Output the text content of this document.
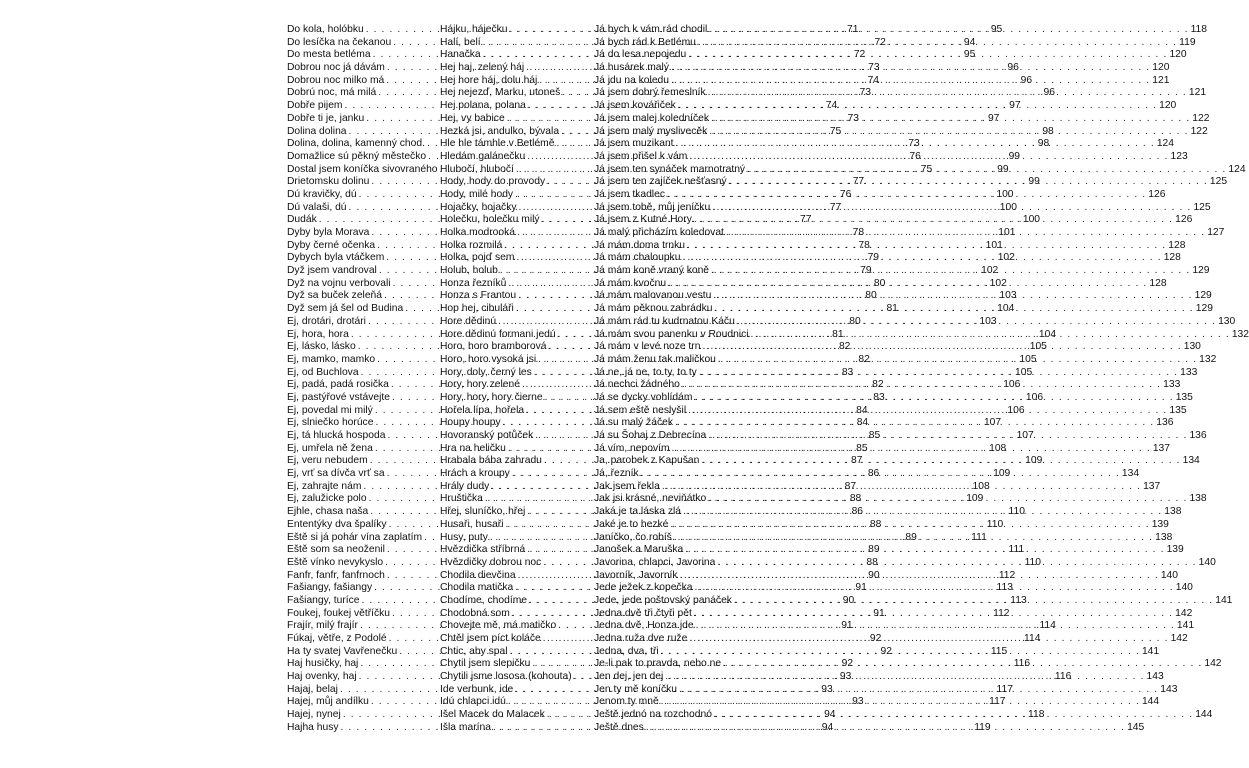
Do kola, holóbku . . .	71
Do lesíčka na čekanou . . .	72
Do mesta betléma . . .	72
Dobrou noc já dávám . . .	73
Dobrou noc milko má . . .	74
Dobrú noc, má milá . . .	73
Dobře pijem . . .	74
Dobře ti je, janku . . .	73
Dolina dolina . . .	75
Dolina, dolina, kamenný chod. . . .	73
Domažlice sú pěkný městečko . . .	76
Dostal jsem koníčka sivovraného . . .	75
Drietomsku dolinu . . .	77
Dú kravičky, dú . . .	76
Dú valaši, dú . . .	77
Dudák . . .	77
Dyby byla Morava . . .	78
Dyby černé očenka . . .	78
Dybych byla vtáčkem . . .	79
Dyž jsem vandroval . . .	79
Dyž na vojnu verbovali . . .	80
Dyž sa buček zeleňá . . .	80
Dyž sem já šel od Budina . . .	81
Ej, drotári, drotári . . .	80
Ej, hora, hora . . .	81
Ej, lásko, lásko . . .	82
Ej, mamko, mamko . . .	82
Ej, od Buchlova . . .	83
Ej, padá, padá rosička . . .	82
Ej, pastýřové vstávejte . . .	83
Ej, povedal mi milý . . .	84
Ej, slniečko horúce . . .	84
Ej, tá hlucká hospoda . . .	85
Ej, umřela ně žena . . .	85
Ej, veru nebudem . . .	87
Ej, vrť sa dívča vrť sa . . .	86
Ej, zahrajte nám . . .	87
Ej, zalužicke polo . . .	88
Ejhle, chasa naša . . .	86
Ententýky dva špalíky . . .	88
Eště si já pohár vína zaplatím . . .	89
Eště som sa neoženil . . .	89
Eště vínko nevykyslo . . .	88
Fanfr, fanfr, fanfrnoch . . .	90
Fašiangy, fašiangy . . .	91
Fašiangy, turíce . . .	90
Foukej, foukej větříčku . . .	91
Frajír, milý frajír . . .	91
Fúkaj, větře, z Podolé . . .	92
Ha ty svatej Vavřenečku . . .	92
Haj husičky, haj . . .	92
Haj ovenky, haj . . .	93
Hajaj, belaj . . .	93
Hajej, můj andílku . . .	93
Hajej, nynej . . .	94
Hajha husy . . .	94
Hájku, háječku . . .	95
Halí, belí . . .	94
Hanačka . . .	95
Hej haj, zelený háj . . .	96
Hej hore háj, dolu háj . . .	96
Hej nejezď, Marku, utoneš . . .	96
Hej polana, polana . . .	97
Hej, vy babice . . .	97
Hezká jsi, andulko, bývala . . .	98
Hle hle támhle v Betlémě . . .	98
Hledám galánečku . . .	99
Hlubočí, hlubočí . . .	99
Hody, hody do provody . . .	99
Hody, milé hody . . .	100
Hojačky, hojačky . . .	100
Holečku, holečku milý . . .	100
Holka modrooká . . .	101
Holka rozmilá . . .	101
Holka, pojď sem . . .	102
Holub, holub . . .	102
Honza řezníků . . .	102
Honza s Frantou . . .	103
Hop hej, cibuláři . . .	104
Hore dědinú . . .	103
Hore dědinú formani jedú . . .	104
Horo, horo bramborová . . .	105
Horo, horo vysoká jsi . . .	105
Hory, doly, černý les . . .	105
Hory, hory zelené . . .	106
Hory, hory, hory čierne . . .	106
Hořela lípa, hořela . . .	106
Houpy houpy . . .	107
Hovoranský potůček . . .	107
Hra na heličku . . .	108
Hrabala bába zahradu . . .	109
Hrách a kroupy . . .	109
Hrály dudy . . .	108
Hruštička . . .	109
Hřej, sluníčko, hřej . . .	110
Husaři, husaři . . .	110
Husy, puty . . .	111
Hvězdička stříbrná . . .	111
Hvězdičky dobrou noc . . .	110
Chodila dievčina . . .	112
Chodila matička . . .	113
Chodíme, chodíme . . .	113
Chodobná som . . .	112
Chovejte mě, má matičko . . .	114
Chtěl jsem píct koláče . . .	114
Chtic, aby spal . . .	115
Chytil jsem slepičku . . .	116
Chytili jsme lososa (kohouta) . . .	116
Ide verbunk, ide . . .	117
Idú chlapci idú . . .	117
Išel Macek do Malacek . . .	118
Išla marína . . .	119
Já bych k vám rád chodil . . .	118
Já bych rád k Betlému . . .	119
Já do lesa nepojedu . . .	120
Já husárek malý . . .	120
Já jdu na koledu . . .	121
Já jsem dobrý řemeslník . . .	121
Já jsem kovářiček . . .	120
Já jsem malej koledníček . . .	122
Já jsem malý myslivecěk . . .	122
Já jsem muzikant . . .	124
Já jsem přišel k vám . . .	123
Já jsem ten synáček marnotratný . . .	124
Já jsem ten zajíček nešťasný . . .	125
Já jsem tkadlec . . .	126
Já jsem tobě, můj jeníčku . . .	125
Já jsem z Kutné Hory . . .	126
Já malý přicházím koledovat . . .	127
Já mám doma trnku . . .	128
Já mám chaloupku . . .	128
Já mám koně vraný koně . . .	129
Já mám kvočnu . . .	128
Já mám malovanou vestu . . .	129
Já mám pěknou zahrádku . . .	129
Já mám rád tu kudrnatou Káču . . .	130
Já mám svou panenku v Roudnici . . .	132
Já mám v levé noze trn . . .	130
Já mám ženu tak maličkou . . .	132
Já ne, já ne, to ty, to ty . . .	133
Já nechci žádného . . .	133
Já se dycky vohlídám . . .	135
Já sem eště neslyšil . . .	135
Já su malý žáček . . .	136
Já su Šohaj z Debrecína . . .	136
Já vím, nepovím . . .	137
Ja, parobek z Kapušan . . .	134
Já, řezník . . .	134
Jak jsem řekla . . .	137
Jak jsi krásné, neviňátko . . .	138
Jaká je ta láska zlá . . .	138
Jaké je to hezké . . .	139
Janíčko, čo robíš . . .	138
Janošek a Maruška . . .	139
Javorina, chlapci, Javorina . . .	140
Javorník, Javorník . . .	140
Jede ježek z kopečka . . .	140
Jede, jede poštovský panáček . . .	141
Jedna dvě tři čtyři pět . . .	142
Jedna dvě, Honza jde . . .	141
Jedna ruža dve ruže . . .	142
Jedna, dva, tři . . .	141
Je-li pak to pravda, nebo ne . . .	142
Jen dej, jen dej . . .	143
Jen ty mě koníčku . . .	143
Jenom ty mně . . .	144
Ještě jednó na rozchodnó . . .	144
Ještě dnes . . .	145
